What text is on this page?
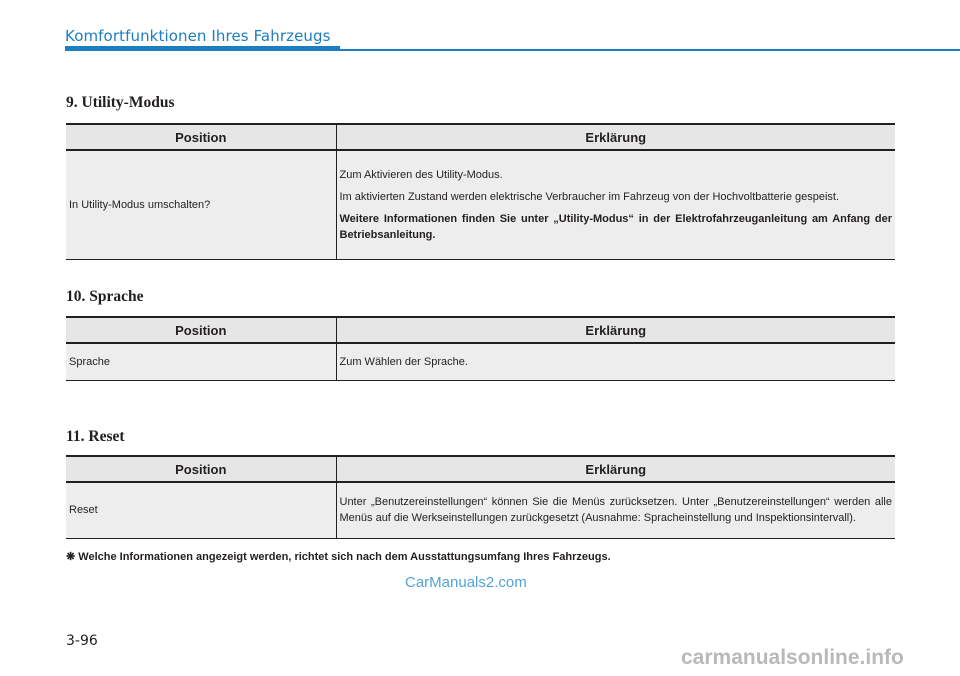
Komfortfunktionen Ihres Fahrzeugs
9. Utility-Modus
Position	Erklärung
In Utility-Modus umschalten?	Zum Aktivieren des Utility-Modus.

Im aktivierten Zustand werden elektrische Verbraucher im Fahrzeug von der Hochvoltbatterie gespeist.

Weitere Informationen finden Sie unter „Utility-Modus“ in der Elektrofahrzeuganleitung am Anfang der Betriebsanleitung.

10. Sprache
Position	Erklärung
Sprache	Zum Wählen der Sprache.
11. Reset
Position	Erklärung
Reset	Unter „Benutzereinstellungen“ können Sie die Menüs zurücksetzen. Unter „Benutzereinstellungen“ werden alle Menüs auf die Werkseinstellungen zurückgesetzt (Ausnahme: Spracheinstellung und Inspektionsintervall).
❋ Welche Informationen angezeigt werden, richtet sich nach dem Ausstattungsumfang Ihres Fahrzeugs.
CarManuals2.com
3-96
carmanualsonline.info
